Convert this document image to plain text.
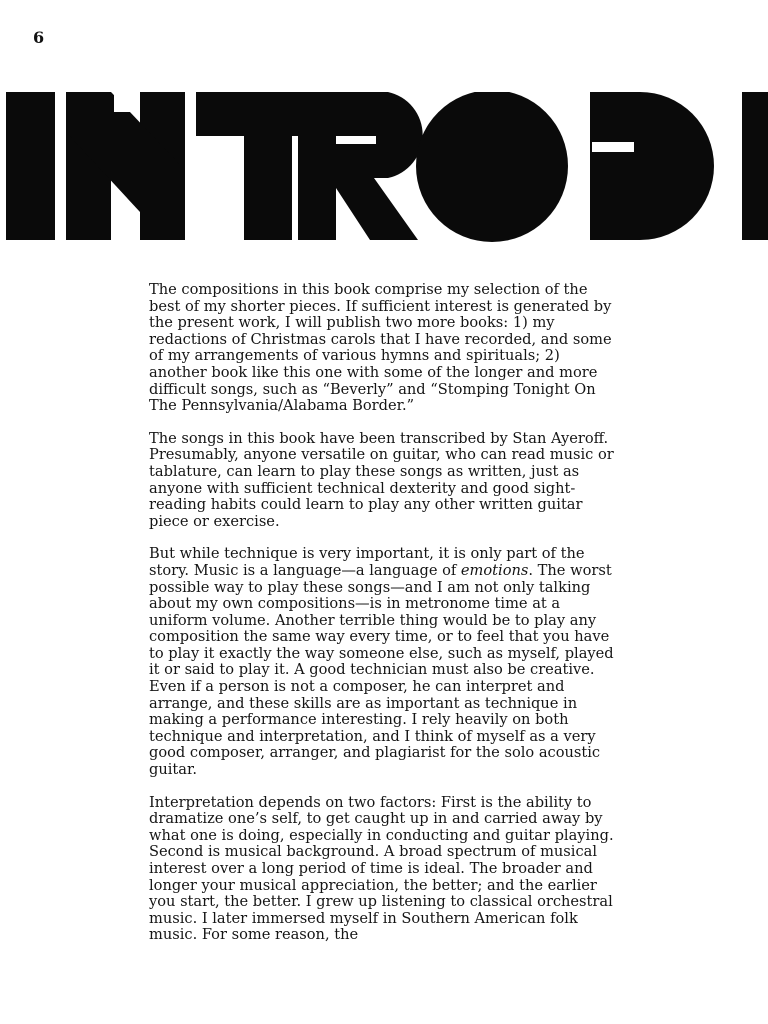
6

The compositions in this book comprise my selection of the best of my shorter pieces. If sufficient interest is generated by the present work, I will publish two more books: 1) my redactions of Christmas carols that I have recorded, and some of my arrangements of various hymns and spirituals; 2) another book like this one with some of the longer and more difficult songs, such as “Beverly” and “Stomping Tonight On The Pennsylvania/Alabama Border.”

The songs in this book have been transcribed by Stan Ayeroff. Presumably, anyone versatile on guitar, who can read music or tablature, can learn to play these songs as written, just as anyone with sufficient technical dexterity and good sight-reading habits could learn to play any other written guitar piece or exercise.

But while technique is very important, it is only part of the story. Music is a language—a language of emotions. The worst possible way to play these songs—and I am not only talking about my own compositions—is in metronome time at a uniform volume. Another terrible thing would be to play any composition the same way every time, or to feel that you have to play it exactly the way someone else, such as myself, played it or said to play it. A good technician must also be creative. Even if a person is not a composer, he can interpret and arrange, and these skills are as important as technique in making a performance interesting. I rely heavily on both technique and interpretation, and I think of myself as a very good composer, arranger, and plagiarist for the solo acoustic guitar.

Interpretation depends on two factors: First is the ability to dramatize one’s self, to get caught up in and carried away by what one is doing, especially in conducting and guitar playing. Second is musical background. A broad spectrum of musical interest over a long period of time is ideal. The broader and longer your musical appreciation, the better; and the earlier you start, the better. I grew up listening to classical orchestral music. I later immersed myself in Southern American folk music. For some reason, the
